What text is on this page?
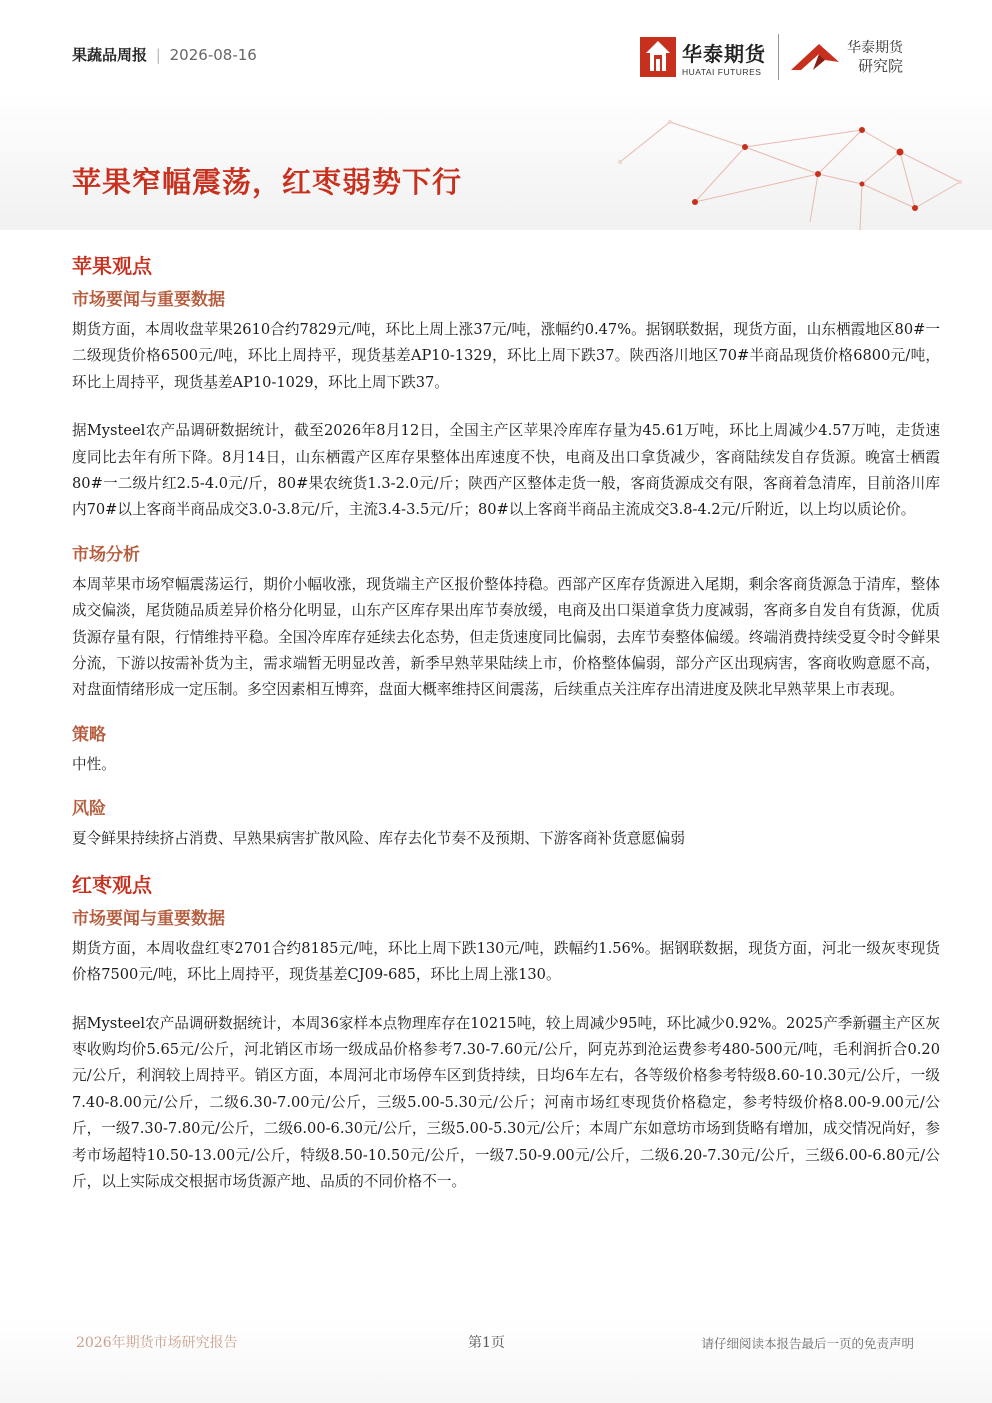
果蔬品周报 | 2026-08-16	华泰期货
HUATAI FUTURES
华泰期货
研究院
苹果窄幅震荡，红枣弱势下行
苹果观点
市场要闻与重要数据

期货方面，本周收盘苹果2610合约7829元/吨，环比上周上涨37元/吨，涨幅约0.47%。据钢联数据，现货方面，山东栖霞地区80#一二级现货价格6500元/吨，环比上周持平，现货基差AP10-1329，环比上周下跌37。陕西洛川地区70#半商品现货价格6800元/吨，环比上周持平，现货基差AP10-1029，环比上周下跌37。

据Mysteel农产品调研数据统计，截至2026年8月12日，全国主产区苹果冷库库存量为45.61万吨，环比上周减少4.57万吨，走货速度同比去年有所下降。8月14日，山东栖霞产区库存果整体出库速度不快，电商及出口拿货减少，客商陆续发自存货源。晚富士栖霞80#一二级片红2.5-4.0元/斤，80#果农统货1.3-2.0元/斤；陕西产区整体走货一般，客商货源成交有限，客商着急清库，目前洛川库内70#以上客商半商品成交3.0-3.8元/斤，主流3.4-3.5元/斤；80#以上客商半商品主流成交3.8-4.2元/斤附近，以上均以质论价。

市场分析

本周苹果市场窄幅震荡运行，期价小幅收涨，现货端主产区报价整体持稳。西部产区库存货源进入尾期，剩余客商货源急于清库，整体成交偏淡，尾货随品质差异价格分化明显，山东产区库存果出库节奏放缓，电商及出口渠道拿货力度减弱，客商多自发自有货源，优质货源存量有限，行情维持平稳。全国冷库库存延续去化态势，但走货速度同比偏弱，去库节奏整体偏缓。终端消费持续受夏令时令鲜果分流，下游以按需补货为主，需求端暂无明显改善，新季早熟苹果陆续上市，价格整体偏弱，部分产区出现病害，客商收购意愿不高，对盘面情绪形成一定压制。多空因素相互博弈，盘面大概率维持区间震荡，后续重点关注库存出清进度及陕北早熟苹果上市表现。

策略

中性。

风险

夏令鲜果持续挤占消费、早熟果病害扩散风险、库存去化节奏不及预期、下游客商补货意愿偏弱

红枣观点
市场要闻与重要数据

期货方面，本周收盘红枣2701合约8185元/吨，环比上周下跌130元/吨，跌幅约1.56%。据钢联数据，现货方面，河北一级灰枣现货价格7500元/吨，环比上周持平，现货基差CJ09-685，环比上周上涨130。

据Mysteel农产品调研数据统计，本周36家样本点物理库存在10215吨，较上周减少95吨，环比减少0.92%。2025产季新疆主产区灰枣收购均价5.65元/公斤，河北销区市场一级成品价格参考7.30-7.60元/公斤，阿克苏到沧运费参考480-500元/吨，毛利润折合0.20元/公斤，利润较上周持平。销区方面，本周河北市场停车区到货持续，日均6车左右，各等级价格参考特级8.60-10.30元/公斤，一级7.40-8.00元/公斤，二级6.30-7.00元/公斤，三级5.00-5.30元/公斤；河南市场红枣现货价格稳定，参考特级价格8.00-9.00元/公斤，一级7.30-7.80元/公斤，二级6.00-6.30元/公斤，三级5.00-5.30元/公斤；本周广东如意坊市场到货略有增加，成交情况尚好，参考市场超特10.50-13.00元/公斤，特级8.50-10.50元/公斤，一级7.50-9.00元/公斤，二级6.20-7.30元/公斤，三级6.00-6.80元/公斤，以上实际成交根据市场货源产地、品质的不同价格不一。

2026年期货市场研究报告	第1页	请仔细阅读本报告最后一页的免责声明
